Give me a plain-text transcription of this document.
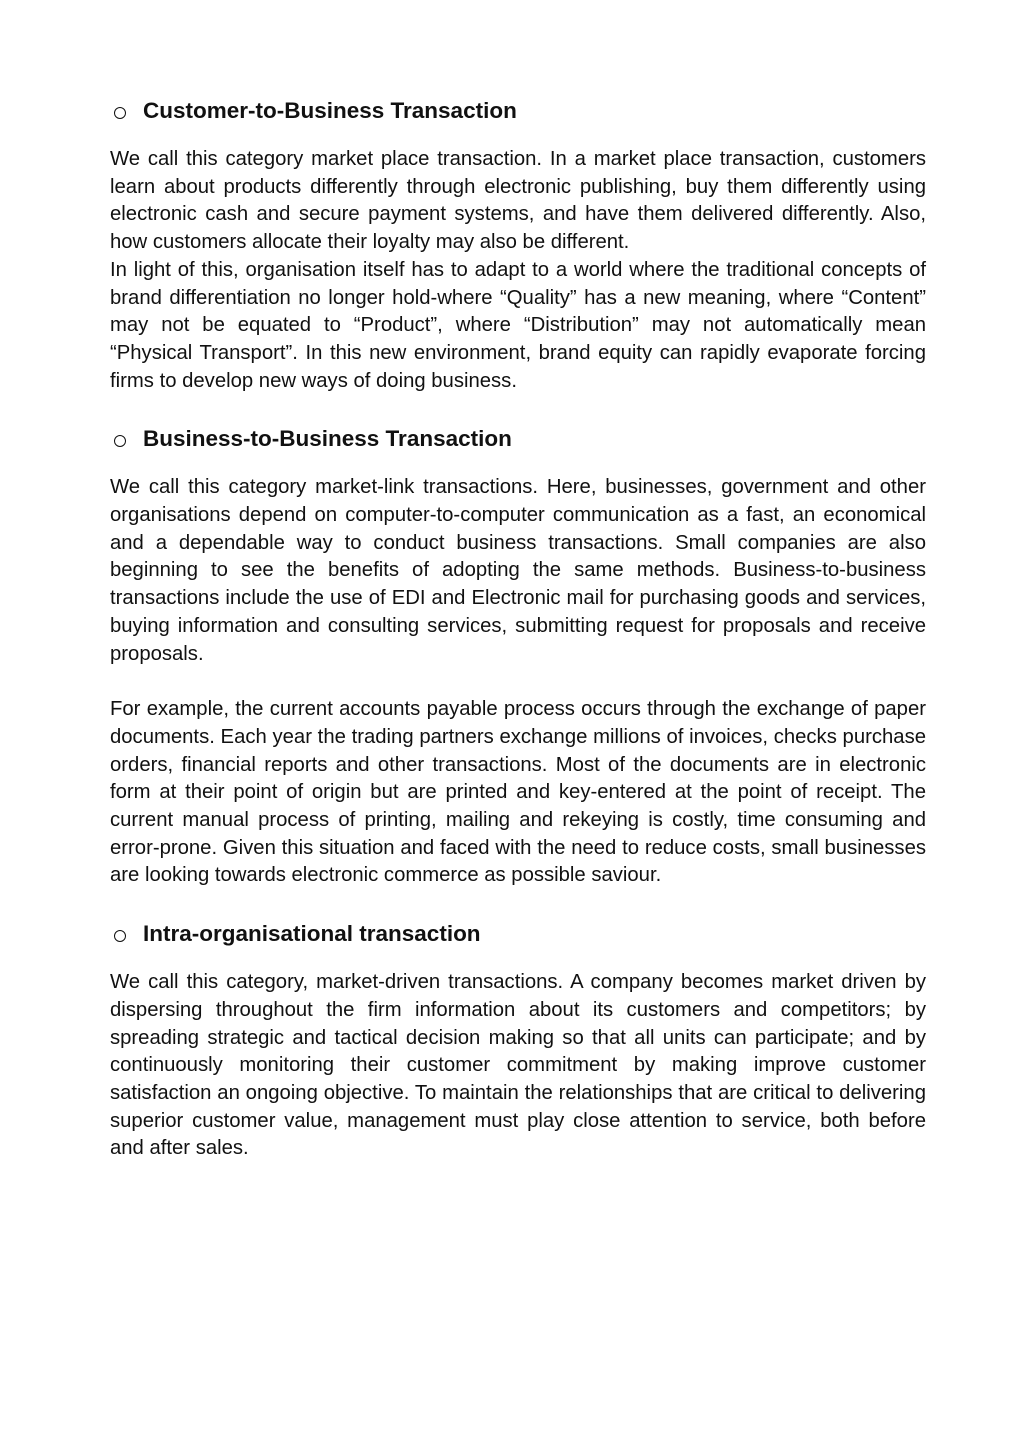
Customer-to-Business Transaction

We call this category market place transaction. In a market place transaction, customers learn about products differently through electronic publishing, buy them differently using electronic cash and secure payment systems, and have them delivered differently. Also, how customers allocate their loyalty may also be different.

In light of this, organisation itself has to adapt to a world where the traditional concepts of brand differentiation no longer hold-where “Quality” has a new meaning, where “Content” may not be equated to “Product”, where “Distribution” may not automatically mean “Physical Transport”. In this new environment, brand equity can rapidly evaporate forcing firms to develop new ways of doing business.

Business-to-Business Transaction

We call this category market-link transactions. Here, businesses, government and other organisations depend on computer-to-computer communication as a fast, an economical and a dependable way to conduct business transactions. Small companies are also beginning to see the benefits of adopting the same methods. Business-to-business transactions include the use of EDI and Electronic mail for purchasing goods and services, buying information and consulting services, submitting request for proposals and receive proposals.

For example, the current accounts payable process occurs through the exchange of paper documents. Each year the trading partners exchange millions of invoices, checks purchase orders, financial reports and other transactions. Most of the documents are in electronic form at their point of origin but are printed and key-entered at the point of receipt. The current manual process of printing, mailing and rekeying is costly, time consuming and error-prone. Given this situation and faced with the need to reduce costs, small businesses are looking towards electronic commerce as possible saviour.

Intra-organisational transaction

We call this category, market-driven transactions. A company becomes market driven by dispersing throughout the firm information about its customers and competitors; by spreading strategic and tactical decision making so that all units can participate; and by continuously monitoring their customer commitment by making improve customer satisfaction an ongoing objective. To maintain the relationships that are critical to delivering superior customer value, management must play close attention to service, both before and after sales.
